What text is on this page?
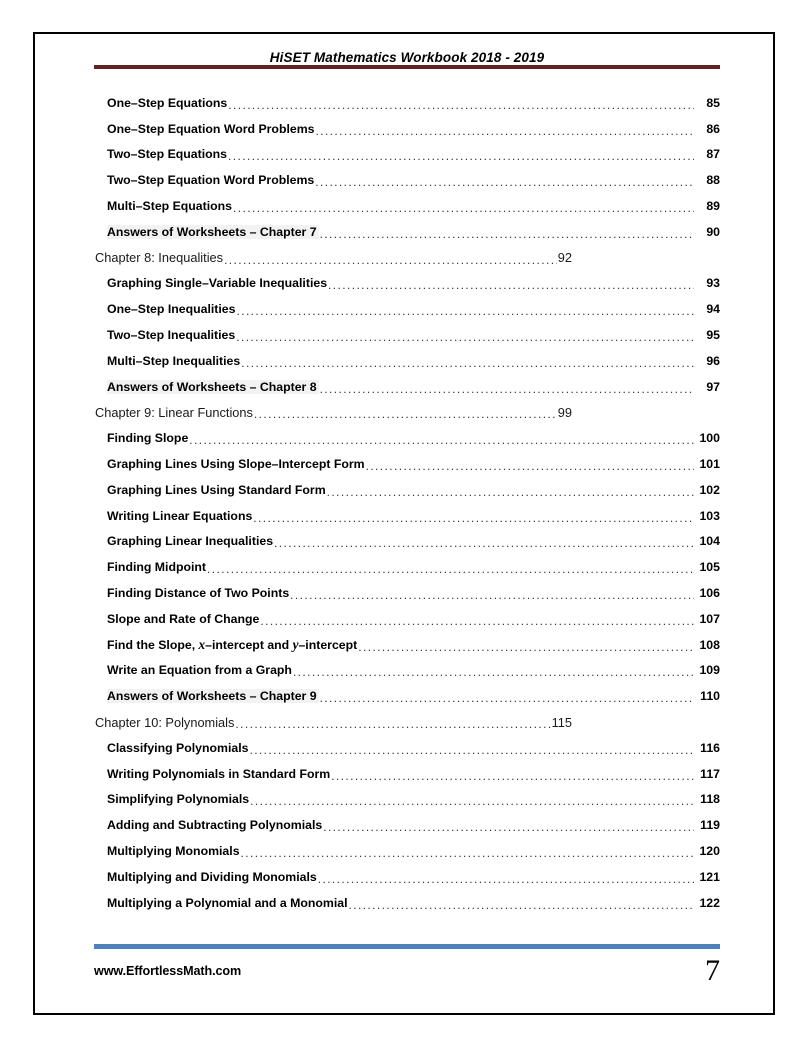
HiSET Mathematics Workbook 2018 - 2019
One–Step Equations .....	85
One–Step Equation Word Problems .....	86
Two–Step Equations .....	87
Two–Step Equation Word Problems .....	88
Multi–Step Equations .....	89
Answers of Worksheets – Chapter 7 .....	90
Chapter 8: Inequalities .....	92
Graphing Single–Variable Inequalities .....	93
One–Step Inequalities .....	94
Two–Step Inequalities .....	95
Multi–Step Inequalities .....	96
Answers of Worksheets – Chapter 8 .....	97
Chapter 9: Linear Functions .....	99
Finding Slope .....	100
Graphing Lines Using Slope–Intercept Form .....	101
Graphing Lines Using Standard Form .....	102
Writing Linear Equations .....	103
Graphing Linear Inequalities .....	104
Finding Midpoint .....	105
Finding Distance of Two Points .....	106
Slope and Rate of Change .....	107
Find the Slope, x–intercept and y–intercept .....	108
Write an Equation from a Graph .....	109
Answers of Worksheets – Chapter 9 .....	110
Chapter 10: Polynomials .....	115
Classifying Polynomials .....	116
Writing Polynomials in Standard Form .....	117
Simplifying Polynomials .....	118
Adding and Subtracting Polynomials .....	119
Multiplying Monomials .....	120
Multiplying and Dividing Monomials .....	121
Multiplying a Polynomial and a Monomial .....	122
www.EffortlessMath.com	7
